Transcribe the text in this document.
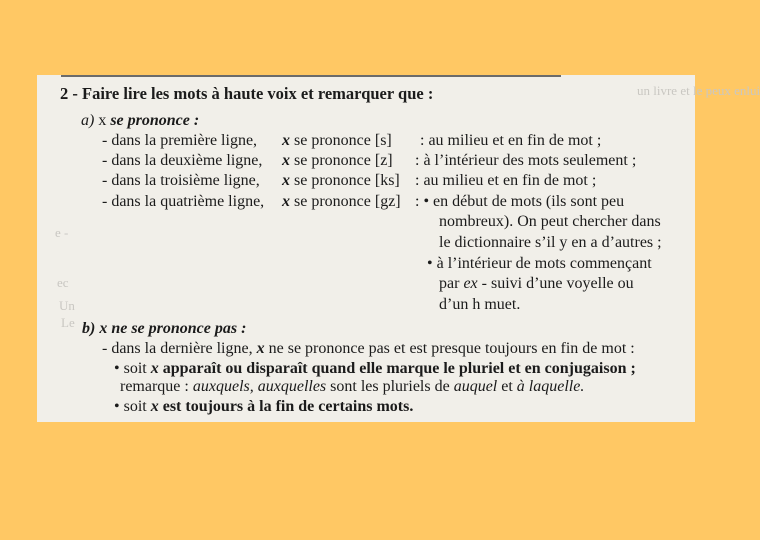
un livre et le peux enlui
e -
ec
Un
Le
2 - Faire lire les mots à haute voix et remarquer que :
a) x se prononce :
- dans la première ligne, x se prononce [s] : au milieu et en fin de mot ;
- dans la deuxième ligne, x se prononce [z] : à l’intérieur des mots seulement ;
- dans la troisième ligne, x se prononce [ks] : au milieu et en fin de mot ;
- dans la quatrième ligne, x se prononce [gz] : • en début de mots (ils sont peu
nombreux). On peut chercher dans
le dictionnaire s’il y en a d’autres ;
• à l’intérieur de mots commençant
par ex - suivi d’une voyelle ou
d’un h muet.
b) x ne se prononce pas :
- dans la dernière ligne, x ne se prononce pas et est presque toujours en fin de mot :
• soit x apparaît ou disparaît quand elle marque le pluriel et en conjugaison ;
remarque : auxquels, auxquelles sont les pluriels de auquel et à laquelle.
• soit x est toujours à la fin de certains mots.
